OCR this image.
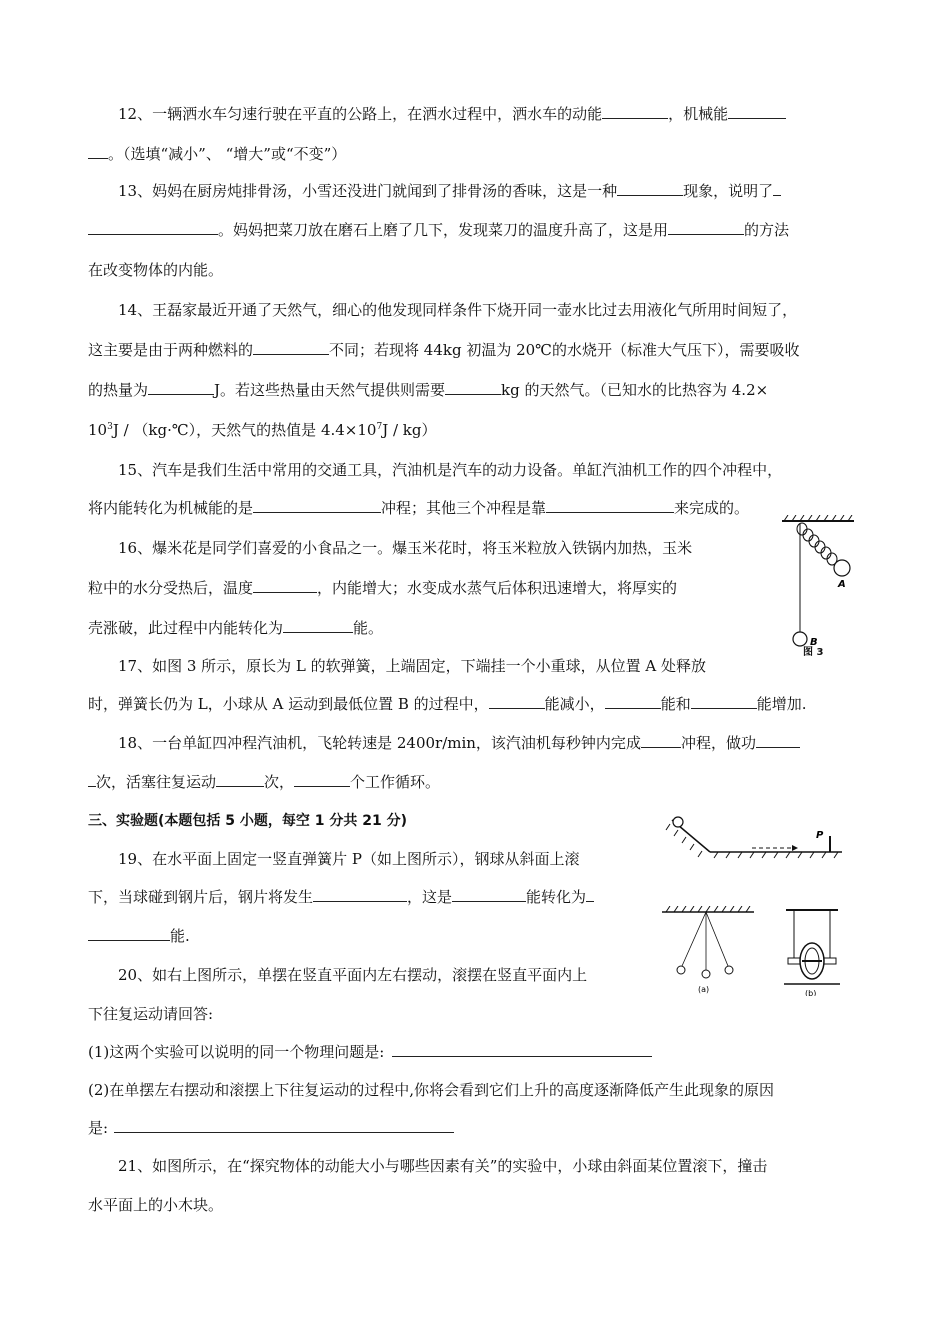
12、一辆洒水车匀速行驶在平直的公路上，在洒水过程中，洒水车的动能	，机械能
。（选填“减小”、 “增大”或“不变”）
13、妈妈在厨房炖排骨汤，小雪还没进门就闻到了排骨汤的香味，这是一种	现象，说明了
。妈妈把菜刀放在磨石上磨了几下，发现菜刀的温度升高了，这是用	的方法
在改变物体的内能。
14、王磊家最近开通了天然气，细心的他发现同样条件下烧开同一壶水比过去用液化气所用时间短了，
这主要是由于两种燃料的	不同；若现将 44kg 初温为 20℃的水烧开（标准大气压下），需要吸收
的热量为	J。若这些热量由天然气提供则需要	kg 的天然气。（已知水的比热容为 4.2×
$10^3J$ / （kg·℃），天然气的热值是 $4.4\times 10^7J / kg$）
15、汽车是我们生活中常用的交通工具，汽油机是汽车的动力设备。单缸汽油机工作的四个冲程中，
将内能转化为机械能的是	冲程；其他三个冲程是靠	来完成的。
16、爆米花是同学们喜爱的小食品之一。爆玉米花时，将玉米粒放入铁锅内加热，玉米
粒中的水分受热后，温度	，内能增大；水变成水蒸气后体积迅速增大，将厚实的
壳涨破，此过程中内能转化为	能。
A
B
图 3
17、如图 3 所示，原长为 L 的软弹簧，上端固定，下端挂一个小重球，从位置 A 处释放
时，弹簧长仍为 L，小球从 A 运动到最低位置 B 的过程中，	能减小，	能和	能增加.
18、一台单缸四冲程汽油机，飞轮转速是 2400r/min，该汽油机每秒钟内完成	冲程，做功
次，活塞往复运动	次，	个工作循环。
三、实验题(本题包括 5 小题，每空 1 分共 21 分)
P
19、在水平面上固定一竖直弹簧片 P（如上图所示），钢球从斜面上滚
下，当球碰到钢片后，钢片将发生	，这是	能转化为
能.
(a)	(b)
20、如右上图所示，单摆在竖直平面内左右摆动，滚摆在竖直平面内上
下往复运动请回答:
(1)这两个实验可以说明的同一个物理问题是:
(2)在单摆左右摆动和滚摆上下往复运动的过程中,你将会看到它们上升的高度逐渐降低产生此现象的原因
是:
21、如图所示，在“探究物体的动能大小与哪些因素有关”的实验中，小球由斜面某位置滚下，撞击
水平面上的小木块。
